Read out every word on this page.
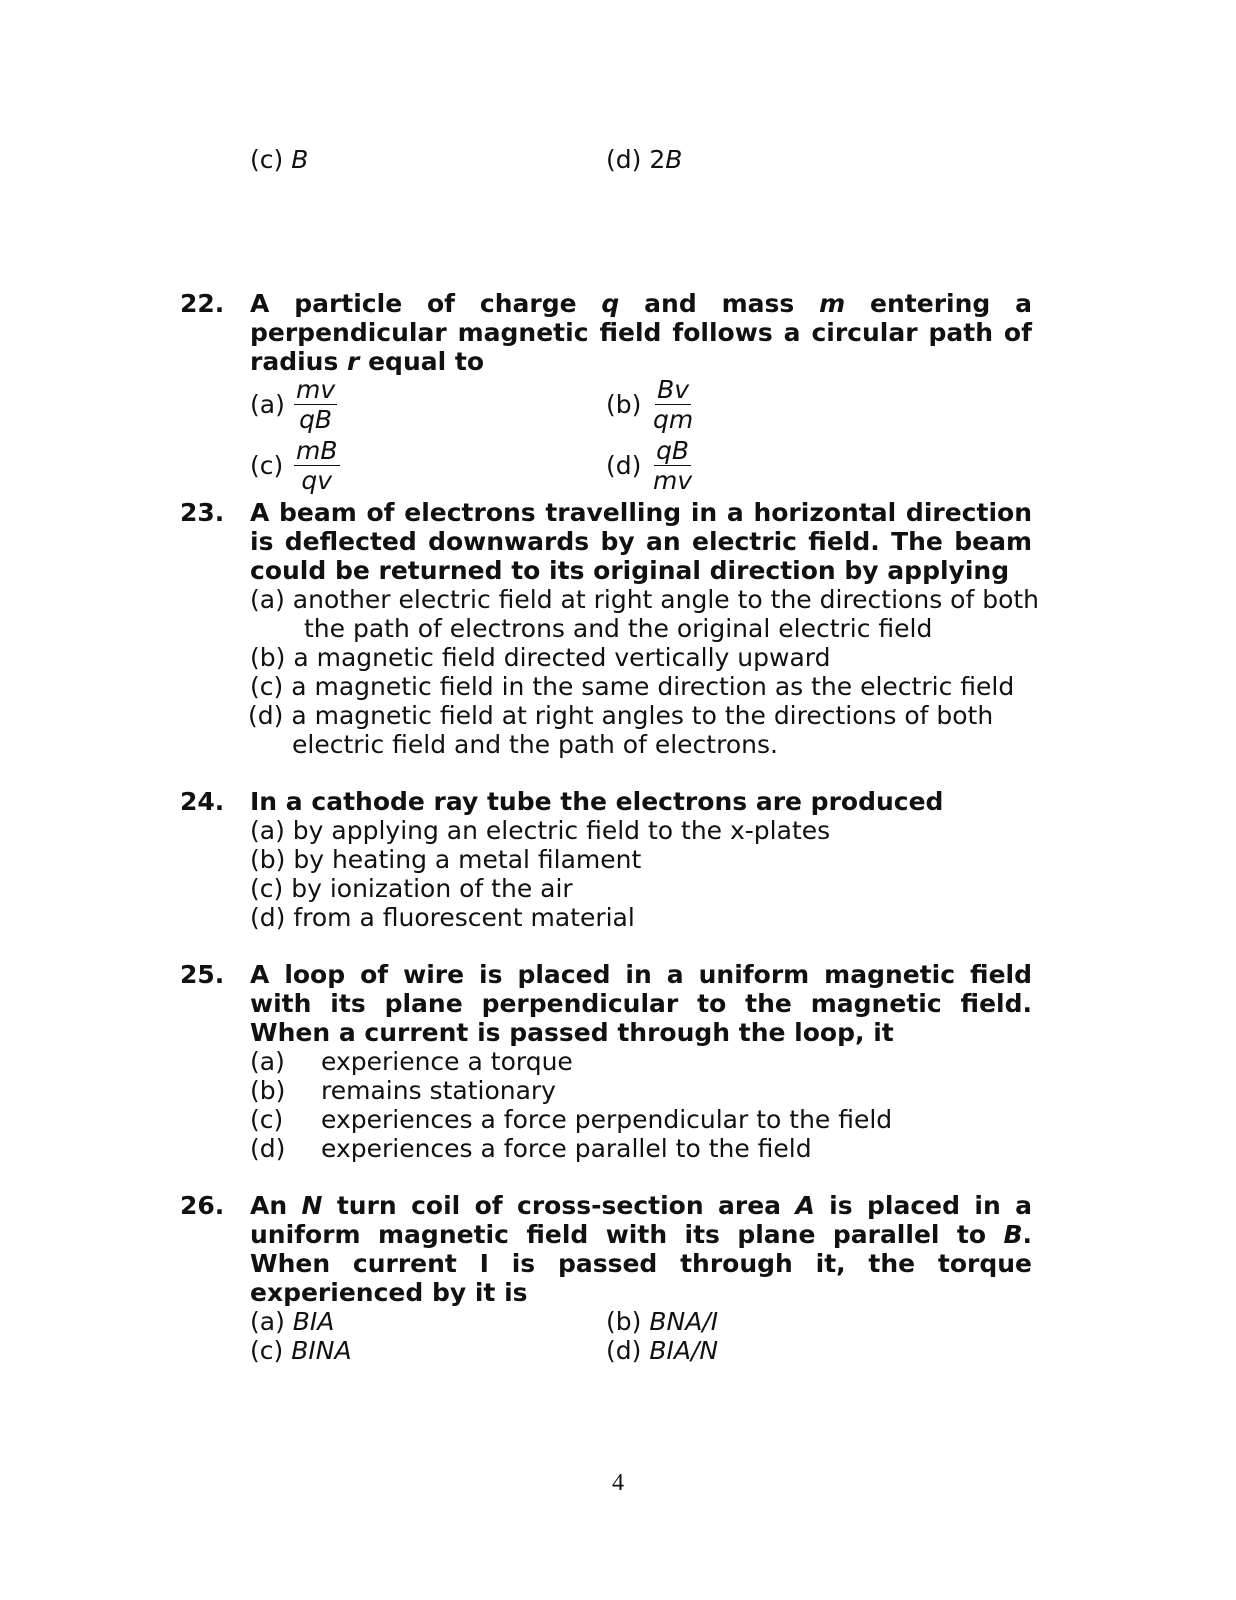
(c) B	(d) 2B
22. A particle of charge q and mass m entering a perpendicular magnetic field follows a circular path of radius r equal to
$(a) \frac{mv}{qB}$	$(b) \frac{Bv}{qm}$
$(c) \frac{mB}{qv}$	$(d) \frac{qB}{mv}$
23. A beam of electrons travelling in a horizontal direction is deflected downwards by an electric field. The beam could be returned to its original direction by applying
(a) another electric field at right angle to the directions of both
the path of electrons and the original electric field
(b) a magnetic field directed vertically upward
(c) a magnetic field in the same direction as the electric field
(d) a magnetic field at right angles to the directions of both
electric field and the path of electrons.
24. In a cathode ray tube the electrons are produced
(a) by applying an electric field to the x-plates
(b) by heating a metal filament
(c) by ionization of the air
(d) from a fluorescent material
25. A loop of wire is placed in a uniform magnetic field with its plane perpendicular to the magnetic field. When a current is passed through the loop, it
(a) experience a torque
(b) remains stationary
(c) experiences a force perpendicular to the field
(d) experiences a force parallel to the field
26. An N turn coil of cross-section area A is placed in a uniform magnetic field with its plane parallel to B. When current I is passed through it, the torque experienced by it is
(a) BIA	(b) BNA/I
(c) BINA	(d) BIA/N
4
